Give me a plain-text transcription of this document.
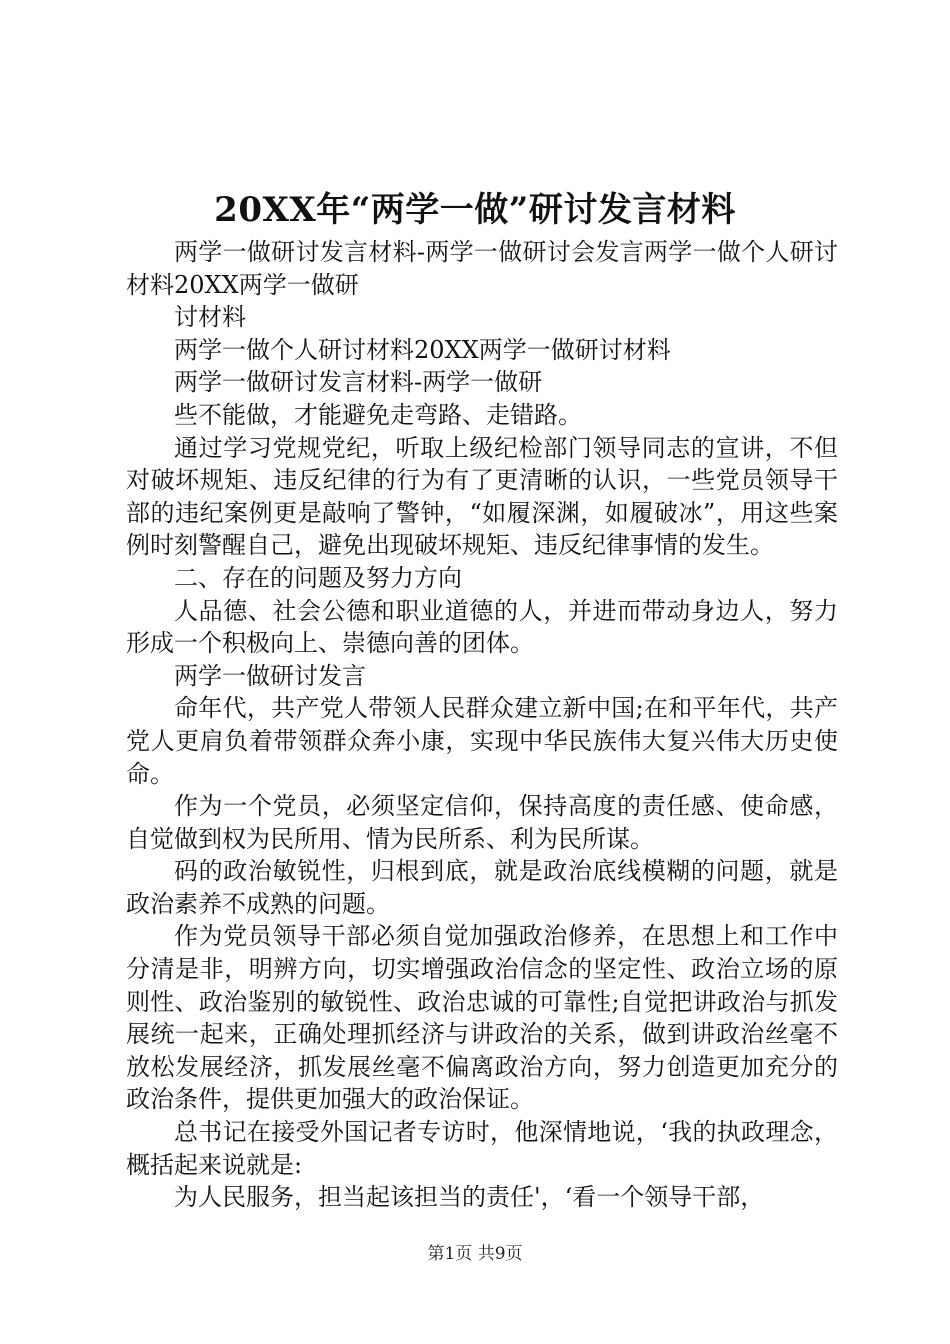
20XX年“两学一做”研讨发言材料

两学一做研讨发言材料-两学一做研讨会发言两学一做个人研讨材料20XX两学一做研

讨材料

两学一做个人研讨材料20XX两学一做研讨材料

两学一做研讨发言材料-两学一做研

些不能做，才能避免走弯路、走错路。

通过学习党规党纪，听取上级纪检部门领导同志的宣讲，不但对破坏规矩、违反纪律的行为有了更清晰的认识，一些党员领导干部的违纪案例更是敲响了警钟，“如履深渊，如履破冰”，用这些案例时刻警醒自己，避免出现破坏规矩、违反纪律事情的发生。

二、存在的问题及努力方向

人品德、社会公德和职业道德的人，并进而带动身边人，努力形成一个积极向上、崇德向善的团体。

两学一做研讨发言

命年代，共产党人带领人民群众建立新中国;在和平年代，共产党人更肩负着带领群众奔小康，实现中华民族伟大复兴伟大历史使命。

作为一个党员，必须坚定信仰，保持高度的责任感、使命感，自觉做到权为民所用、情为民所系、利为民所谋。

码的政治敏锐性，归根到底，就是政治底线模糊的问题，就是政治素养不成熟的问题。

作为党员领导干部必须自觉加强政治修养，在思想上和工作中分清是非，明辨方向，切实增强政治信念的坚定性、政治立场的原则性、政治鉴别的敏锐性、政治忠诚的可靠性;自觉把讲政治与抓发展统一起来，正确处理抓经济与讲政治的关系，做到讲政治丝毫不放松发展经济，抓发展丝毫不偏离政治方向，努力创造更加充分的政治条件，提供更加强大的政治保证。

总书记在接受外国记者专访时，他深情地说，‘我的执政理念，概括起来说就是:

为人民服务，担当起该担当的责任'，‘看一个领导干部，

第1页 共9页
